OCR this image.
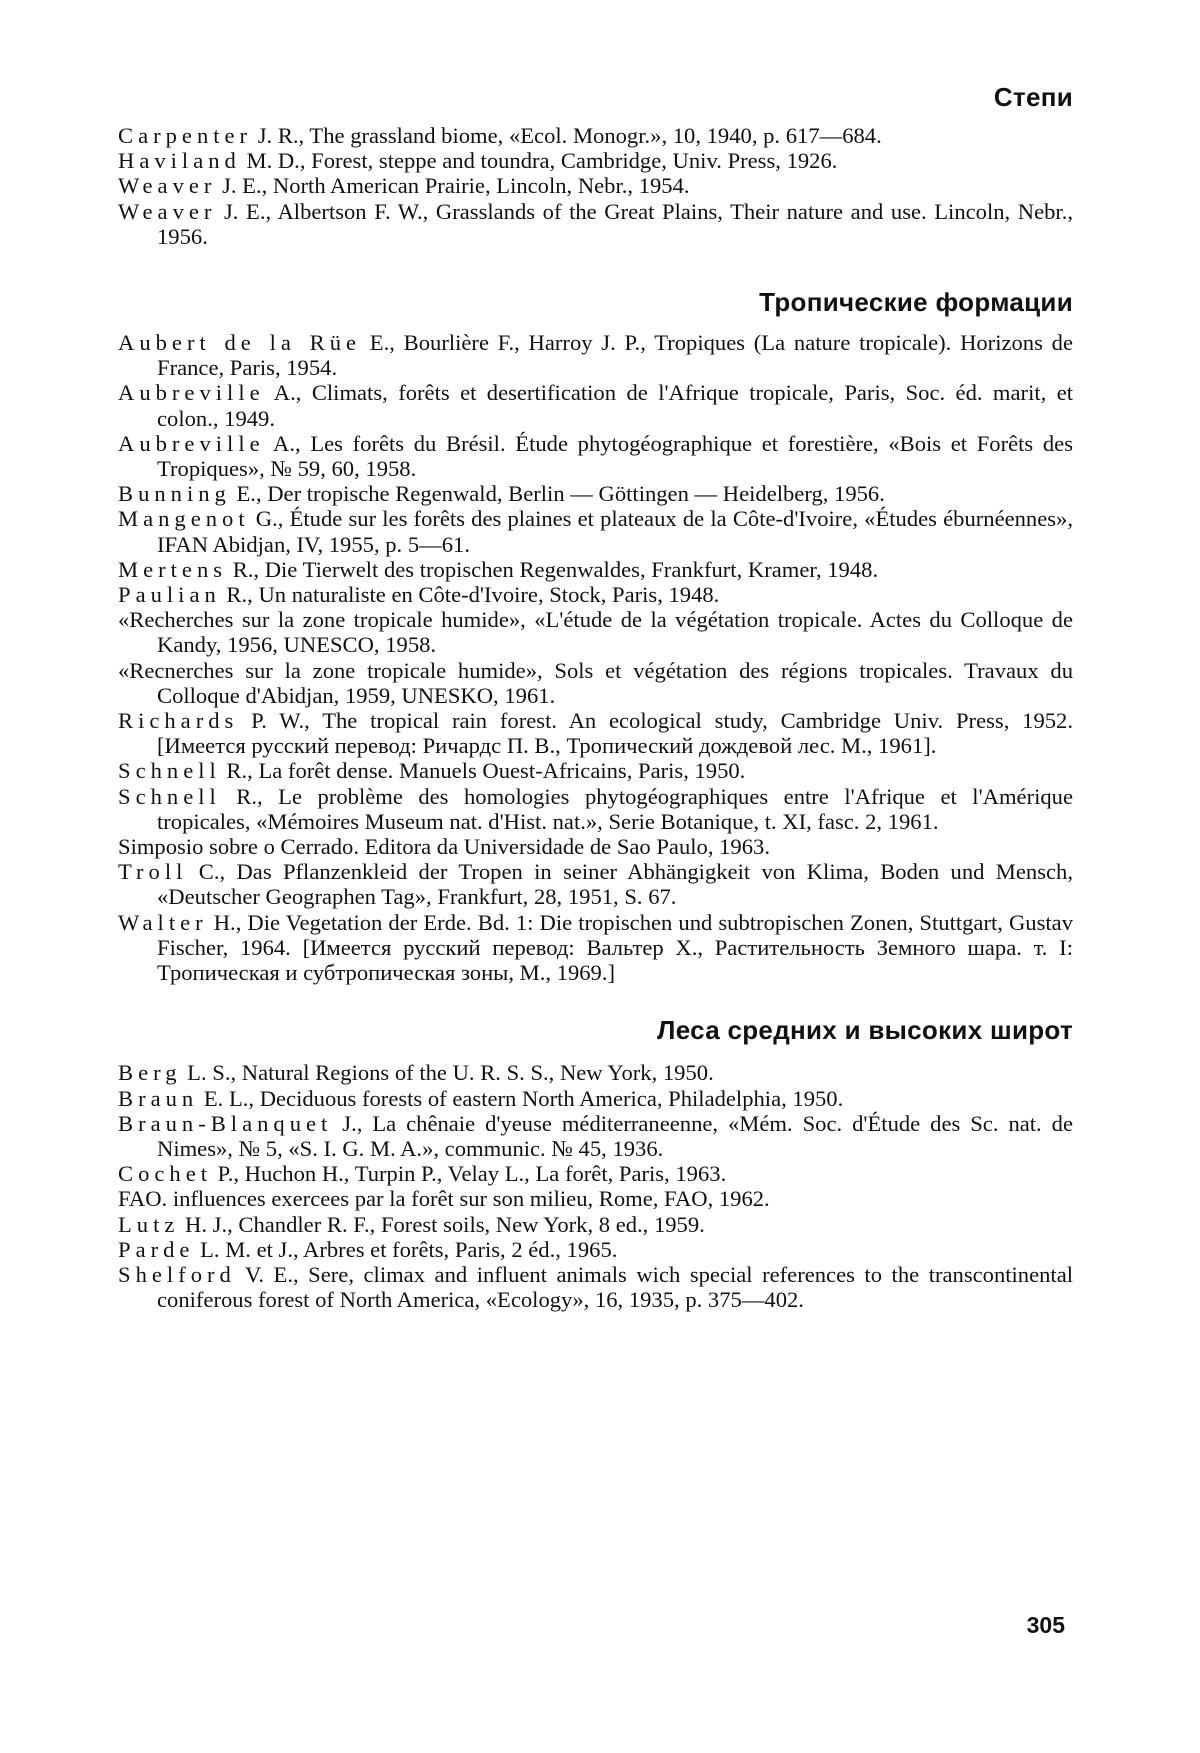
Степи

Carpenter J. R., The grassland biome, «Ecol. Monogr.», 10, 1940, p. 617—684.

Haviland M. D., Forest, steppe and toundra, Cambridge, Univ. Press, 1926.

Weaver J. E., North American Prairie, Lincoln, Nebr., 1954.

Weaver J. E., Albertson F. W., Grasslands of the Great Plains, Their nature and use. Lincoln, Nebr., 1956.

Тропические формации

Aubert de la Rüe E., Bourlière F., Harroy J. P., Tropiques (La nature tropicale). Horizons de France, Paris, 1954.

Aubreville A., Climats, forêts et desertification de l'Afrique tropicale, Paris, Soc. éd. marit, et colon., 1949.

Aubreville A., Les forêts du Brésil. Étude phytogéographique et forestière, «Bois et Forêts des Tropiques», № 59, 60, 1958.

Bunning E., Der tropische Regenwald, Berlin — Göttingen — Heidelberg, 1956.

Mangenot G., Étude sur les forêts des plaines et plateaux de la Côte-d'Ivoire, «Études éburnéennes», IFAN Abidjan, IV, 1955, p. 5—61.

Mertens R., Die Tierwelt des tropischen Regenwaldes, Frankfurt, Kramer, 1948.

Paulian R., Un naturaliste en Côte-d'Ivoire, Stock, Paris, 1948.

«Recherches sur la zone tropicale humide», «L'étude de la végétation tropicale. Actes du Colloque de Kandy, 1956, UNESCO, 1958.

«Recnerches sur la zone tropicale humide», Sols et végétation des régions tropicales. Travaux du Colloque d'Abidjan, 1959, UNESKO, 1961.

Richards P. W., The tropical rain forest. An ecological study, Cambridge Univ. Press, 1952. [Имеется русский перевод: Ричардс П. В., Тропический дождевой лес. М., 1961].

Schnell R., La forêt dense. Manuels Ouest-Africains, Paris, 1950.

Schnell R., Le problème des homologies phytogéographiques entre l'Afrique et l'Amérique tropicales, «Mémoires Museum nat. d'Hist. nat.», Serie Botanique, t. XI, fasc. 2, 1961.

Simposio sobre o Cerrado. Editora da Universidade de Sao Paulo, 1963.

Troll C., Das Pflanzenkleid der Tropen in seiner Abhängigkeit von Klima, Boden und Mensch, «Deutscher Geographen Tag», Frankfurt, 28, 1951, S. 67.

Walter H., Die Vegetation der Erde. Bd. 1: Die tropischen und subtropischen Zonen, Stuttgart, Gustav Fischer, 1964. [Имеется русский перевод: Вальтер Х., Растительность Земного шара. т. I: Тропическая и субтропическая зоны, М., 1969.]

Леса средних и высоких широт

Berg L. S., Natural Regions of the U. R. S. S., New York, 1950.

Braun E. L., Deciduous forests of eastern North America, Philadelphia, 1950.

Braun-Blanquet J., La chênaie d'yeuse méditerraneenne, «Mém. Soc. d'Étude des Sc. nat. de Nimes», № 5, «S. I. G. M. A.», communic. № 45, 1936.

Cochet P., Huchon H., Turpin P., Velay L., La forêt, Paris, 1963.

FAO. influences exercees par la forêt sur son milieu, Rome, FAO, 1962.

Lutz H. J., Chandler R. F., Forest soils, New York, 8 ed., 1959.

Parde L. M. et J., Arbres et forêts, Paris, 2 éd., 1965.

Shelford V. E., Sere, climax and influent animals wich special references to the transcontinental coniferous forest of North America, «Ecology», 16, 1935, p. 375—402.

305
